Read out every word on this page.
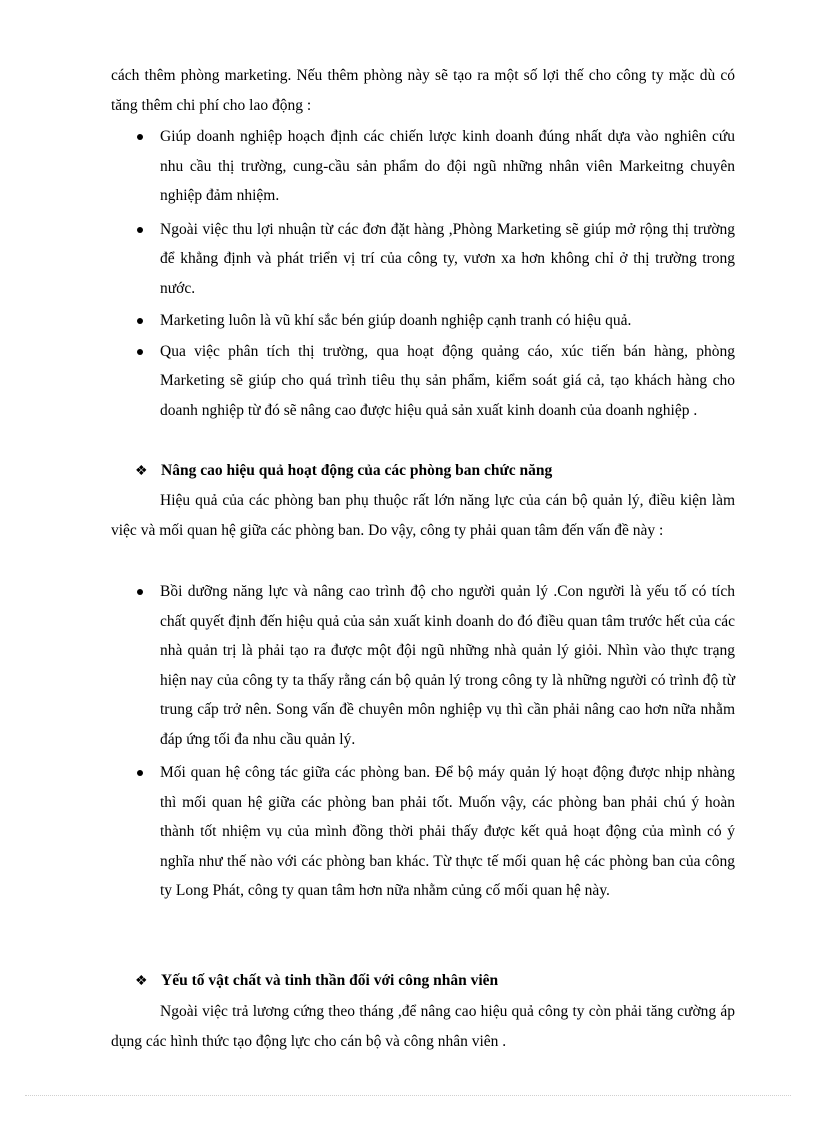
cách thêm phòng marketing. Nếu thêm phòng này sẽ tạo ra một số lợi thế cho công ty mặc dù có tăng thêm chi phí cho lao động :

Giúp doanh nghiệp hoạch định các chiến lược kinh doanh đúng nhất dựa vào nghiên cứu nhu cầu thị trường, cung-cầu sản phẩm do đội ngũ những nhân viên Markeitng chuyên nghiệp đảm nhiệm.
Ngoài việc thu lợi nhuận từ các đơn đặt hàng ,Phòng Marketing sẽ giúp mở rộng thị trường để khẳng định và phát triển vị trí của công ty, vươn xa hơn không chỉ ở thị trường trong nước.
Marketing luôn là vũ khí sắc bén giúp doanh nghiệp cạnh tranh có hiệu quả.
Qua việc phân tích thị trường, qua hoạt động quảng cáo, xúc tiến bán hàng, phòng Marketing sẽ giúp cho quá trình tiêu thụ sản phẩm, kiểm soát giá cả, tạo khách hàng cho doanh nghiệp từ đó sẽ nâng cao được hiệu quả sản xuất kinh doanh của doanh nghiệp .
❖ Nâng cao hiệu quả hoạt động của các phòng ban chức năng

Hiệu quả của các phòng ban phụ thuộc rất lớn năng lực của cán bộ quản lý, điều kiện làm việc và mối quan hệ giữa các phòng ban. Do vậy, công ty phải quan tâm đến vấn đề này :

Bồi dưỡng năng lực và nâng cao trình độ cho người quản lý .Con người là yếu tố có tích chất quyết định đến hiệu quả của sản xuất kinh doanh do đó điều quan tâm trước hết của các nhà quản trị là phải tạo ra được một đội ngũ những nhà quản lý giỏi. Nhìn vào thực trạng hiện nay của công ty ta thấy rằng cán bộ quản lý trong công ty là những người có trình độ từ trung cấp trở nên. Song vấn đề chuyên môn nghiệp vụ thì cần phải nâng cao hơn nữa nhằm đáp ứng tối đa nhu cầu quản lý.
Mối quan hệ công tác giữa các phòng ban. Để bộ máy quản lý hoạt động được nhịp nhàng thì mối quan hệ giữa các phòng ban phải tốt. Muốn vậy, các phòng ban phải chú ý hoàn thành tốt nhiệm vụ của mình đồng thời phải thấy được kết quả hoạt động của mình có ý nghĩa như thế nào với các phòng ban khác. Từ thực tế mối quan hệ các phòng ban của công ty Long Phát, công ty quan tâm hơn nữa nhằm củng cố mối quan hệ này.
❖ Yếu tố vật chất và tinh thần đối với công nhân viên

Ngoài việc trả lương cứng theo tháng ,để nâng cao hiệu quả công ty còn phải tăng cường áp dụng các hình thức tạo động lực cho cán bộ và công nhân viên .
